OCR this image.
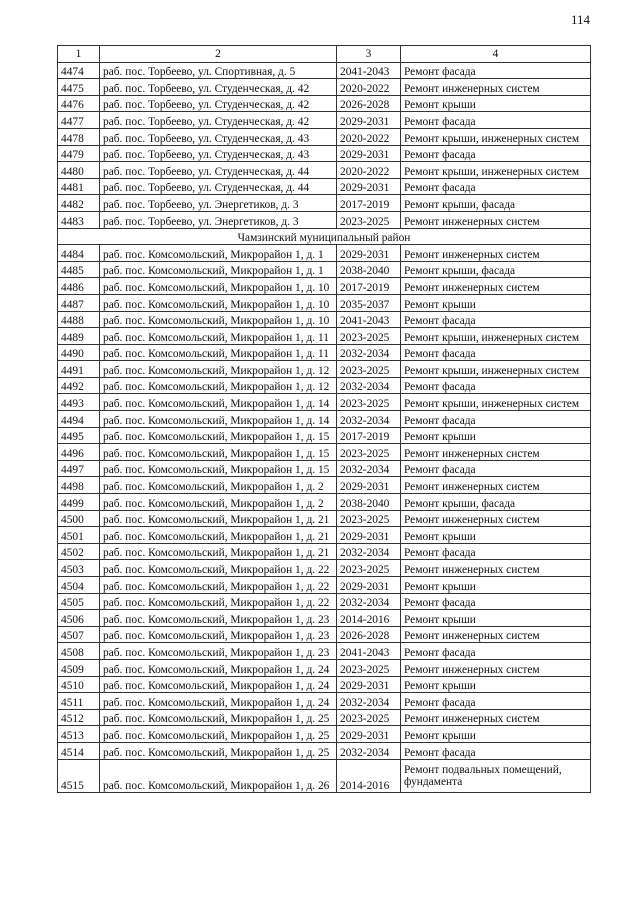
114
1	2	3	4
4474	раб. пос. Торбеево, ул. Спортивная, д. 5	2041-2043	Ремонт фасада
4475	раб. пос. Торбеево, ул. Студенческая, д. 42	2020-2022	Ремонт инженерных систем
4476	раб. пос. Торбеево, ул. Студенческая, д. 42	2026-2028	Ремонт крыши
4477	раб. пос. Торбеево, ул. Студенческая, д. 42	2029-2031	Ремонт фасада
4478	раб. пос. Торбеево, ул. Студенческая, д. 43	2020-2022	Ремонт крыши, инженерных систем
4479	раб. пос. Торбеево, ул. Студенческая, д. 43	2029-2031	Ремонт фасада
4480	раб. пос. Торбеево, ул. Студенческая, д. 44	2020-2022	Ремонт крыши, инженерных систем
4481	раб. пос. Торбеево, ул. Студенческая, д. 44	2029-2031	Ремонт фасада
4482	раб. пос. Торбеево, ул. Энергетиков, д. 3	2017-2019	Ремонт крыши, фасада
4483	раб. пос. Торбеево, ул. Энергетиков, д. 3	2023-2025	Ремонт инженерных систем
Чамзинский муниципальный район			
4484	раб. пос. Комсомольский, Микрорайон 1, д. 1	2029-2031	Ремонт инженерных систем
4485	раб. пос. Комсомольский, Микрорайон 1, д. 1	2038-2040	Ремонт крыши, фасада
4486	раб. пос. Комсомольский, Микрорайон 1, д. 10	2017-2019	Ремонт инженерных систем
4487	раб. пос. Комсомольский, Микрорайон 1, д. 10	2035-2037	Ремонт крыши
4488	раб. пос. Комсомольский, Микрорайон 1, д. 10	2041-2043	Ремонт фасада
4489	раб. пос. Комсомольский, Микрорайон 1, д. 11	2023-2025	Ремонт крыши, инженерных систем
4490	раб. пос. Комсомольский, Микрорайон 1, д. 11	2032-2034	Ремонт фасада
4491	раб. пос. Комсомольский, Микрорайон 1, д. 12	2023-2025	Ремонт крыши, инженерных систем
4492	раб. пос. Комсомольский, Микрорайон 1, д. 12	2032-2034	Ремонт фасада
4493	раб. пос. Комсомольский, Микрорайон 1, д. 14	2023-2025	Ремонт крыши, инженерных систем
4494	раб. пос. Комсомольский, Микрорайон 1, д. 14	2032-2034	Ремонт фасада
4495	раб. пос. Комсомольский, Микрорайон 1, д. 15	2017-2019	Ремонт крыши
4496	раб. пос. Комсомольский, Микрорайон 1, д. 15	2023-2025	Ремонт инженерных систем
4497	раб. пос. Комсомольский, Микрорайон 1, д. 15	2032-2034	Ремонт фасада
4498	раб. пос. Комсомольский, Микрорайон 1, д. 2	2029-2031	Ремонт инженерных систем
4499	раб. пос. Комсомольский, Микрорайон 1, д. 2	2038-2040	Ремонт крыши, фасада
4500	раб. пос. Комсомольский, Микрорайон 1, д. 21	2023-2025	Ремонт инженерных систем
4501	раб. пос. Комсомольский, Микрорайон 1, д. 21	2029-2031	Ремонт крыши
4502	раб. пос. Комсомольский, Микрорайон 1, д. 21	2032-2034	Ремонт фасада
4503	раб. пос. Комсомольский, Микрорайон 1, д. 22	2023-2025	Ремонт инженерных систем
4504	раб. пос. Комсомольский, Микрорайон 1, д. 22	2029-2031	Ремонт крыши
4505	раб. пос. Комсомольский, Микрорайон 1, д. 22	2032-2034	Ремонт фасада
4506	раб. пос. Комсомольский, Микрорайон 1, д. 23	2014-2016	Ремонт крыши
4507	раб. пос. Комсомольский, Микрорайон 1, д. 23	2026-2028	Ремонт инженерных систем
4508	раб. пос. Комсомольский, Микрорайон 1, д. 23	2041-2043	Ремонт фасада
4509	раб. пос. Комсомольский, Микрорайон 1, д. 24	2023-2025	Ремонт инженерных систем
4510	раб. пос. Комсомольский, Микрорайон 1, д. 24	2029-2031	Ремонт крыши
4511	раб. пос. Комсомольский, Микрорайон 1, д. 24	2032-2034	Ремонт фасада
4512	раб. пос. Комсомольский, Микрорайон 1, д. 25	2023-2025	Ремонт инженерных систем
4513	раб. пос. Комсомольский, Микрорайон 1, д. 25	2029-2031	Ремонт крыши
4514	раб. пос. Комсомольский, Микрорайон 1, д. 25	2032-2034	Ремонт фасада
4515	раб. пос. Комсомольский, Микрорайон 1, д. 26	2014-2016	Ремонт подвальных помещений, фундамента
